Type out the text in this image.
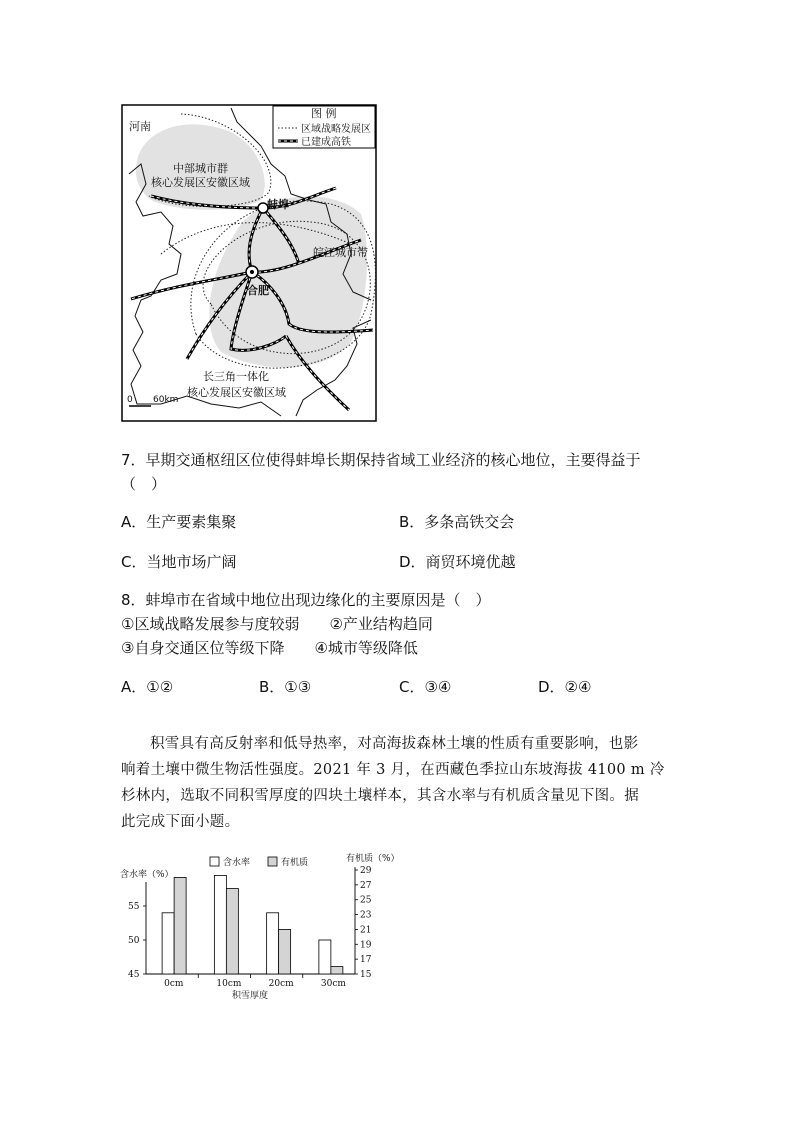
图 例
区域战略发展区
已建成高铁
河南
中部城市群
核心发展区安徽区域
蚌埠
皖江城市带
合肥
长三角一体化
核心发展区安徽区域
0 60km
7．早期交通枢纽区位使得蚌埠长期保持省域工业经济的核心地位，主要得益于
（　）
A．生产要素集聚	B．多条高铁交会
C．当地市场广阔	D．商贸环境优越
8．蚌埠市在省域中地位出现边缘化的主要原因是（　）
①区域战略发展参与度较弱　　②产业结构趋同
③自身交通区位等级下降　　④城市等级降低
A．①②	B．①③	C．③④	D．②④
积雪具有高反射率和低导热率，对高海拔森林土壤的性质有重要影响，也影
响着土壤中微生物活性强度。2021 年 3 月，在西藏色季拉山东坡海拔 4100 m 冷
杉林内，选取不同积雪厚度的四块土壤样本，其含水率与有机质含量见下图。据
此完成下面小题。
含水率（%）
有机质（%）
含水率	有机质
积雪厚度
45
50
55
15
17
19
21
23
25
27
29
0cm	10cm	20cm	30cm
